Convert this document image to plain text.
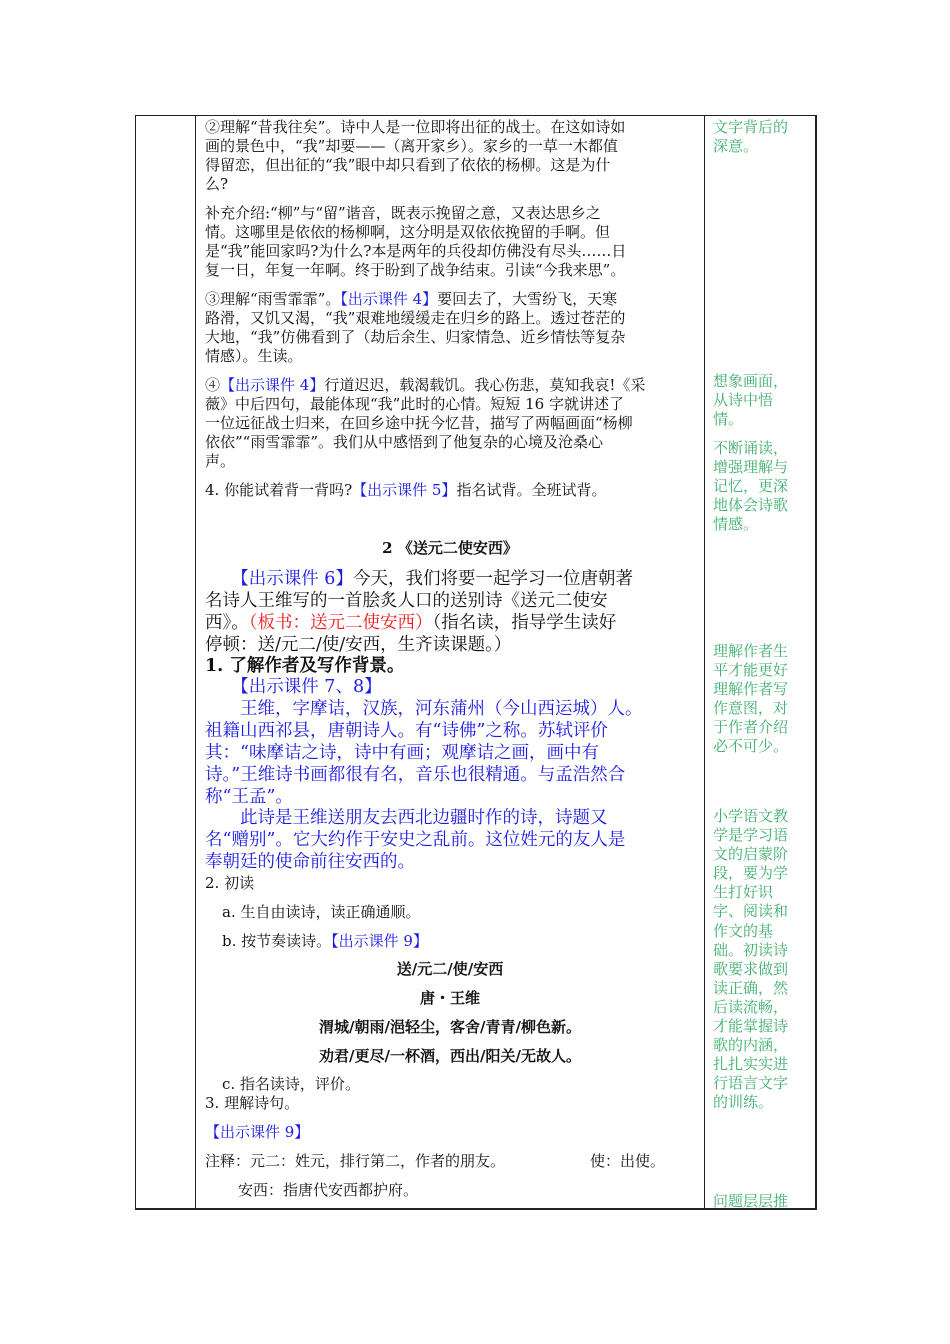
②理解“昔我往矣”。诗中人是一位即将出征的战士。在这如诗如
画的景色中，“我”却要——（离开家乡）。家乡的一草一木都值
得留恋，但出征的“我”眼中却只看到了依依的杨柳。这是为什
么?
补充介绍:“柳”与“留”谐音，既表示挽留之意，又表达思乡之
情。这哪里是依依的杨柳啊，这分明是双依依挽留的手啊。但
是“我”能回家吗?为什么?本是两年的兵役却仿佛没有尽头……日
复一日，年复一年啊。终于盼到了战争结束。引读“今我来思”。
③理解“雨雪霏霏”。【出示课件 4】要回去了，大雪纷飞，天寒
路滑，又饥又渴，“我”艰难地缓缓走在归乡的路上。透过苍茫的
大地，“我”仿佛看到了（劫后余生、归家情急、近乡情怯等复杂
情感）。生读。
④【出示课件 4】行道迟迟，载渴载饥。我心伤悲，莫知我哀!《采
薇》中后四句，最能体现“我”此时的心情。短短 16 字就讲述了
一位远征战士归来，在回乡途中抚今忆昔，描写了两幅画面“杨柳
依依”“雨雪霏霏”。我们从中感悟到了他复杂的心境及沧桑心
声。
4. 你能试着背一背吗?【出示课件 5】指名试背。全班试背。
2 《送元二使安西》
　　【出示课件 6】今天，我们将要一起学习一位唐朝著
名诗人王维写的一首脍炙人口的送别诗《送元二使安
西》。（板书：送元二使安西）（指名读，指导学生读好
停顿：送/元二/使/安西，生齐读课题。）
1. 了解作者及写作背景。
　　【出示课件 7、8】
　　王维，字摩诘，汉族，河东蒲州（今山西运城）人。
祖籍山西祁县，唐朝诗人。有“诗佛”之称。苏轼评价
其：“味摩诘之诗，诗中有画；观摩诘之画，画中有
诗。”王维诗书画都很有名，音乐也很精通。与孟浩然合
称“王孟”。
　　此诗是王维送朋友去西北边疆时作的诗，诗题又
名“赠别”。它大约作于安史之乱前。这位姓元的友人是
奉朝廷的使命前往安西的。
2. 初读
a. 生自由读诗，读正确通顺。
b. 按节奏读诗。【出示课件 9】
送/元二/使/安西
唐・王维
渭城/朝雨/浥轻尘，客舍/青青/柳色新。
劝君/更尽/一杯酒，西出/阳关/无故人。
c. 指名读诗，评价。
3. 理解诗句。
【出示课件 9】
注释：元二：姓元，排行第二，作者的朋友。	使：出使。
安西：指唐代安西都护府。
文字背后的
深意。
想象画面，
从诗中悟
情。
不断诵读，
增强理解与
记忆，更深
地体会诗歌
情感。
理解作者生
平才能更好
理解作者写
作意图，对
于作者介绍
必不可少。
小学语文教
学是学习语
文的启蒙阶
段，要为学
生打好识
字、阅读和
作文的基
础。初读诗
歌要求做到
读正确，然
后读流畅，
才能掌握诗
歌的内涵，
扎扎实实进
行语言文字
的训练。
问题层层推
